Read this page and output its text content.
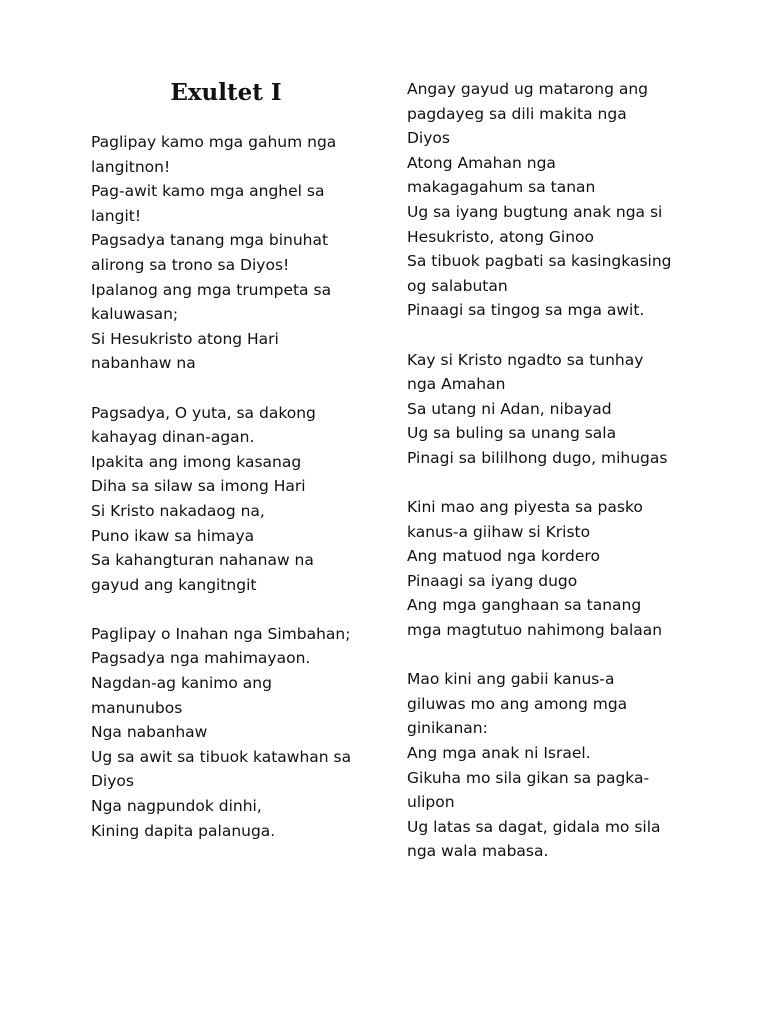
Exultet I
Paglipay kamo mga gahum nga
langitnon!
Pag-awit kamo mga anghel sa
langit!
Pagsadya tanang mga binuhat
alirong sa trono sa Diyos!
Ipalanog ang mga trumpeta sa
kaluwasan;
Si Hesukristo atong Hari
nabanhaw na
Pagsadya, O yuta, sa dakong
kahayag dinan-agan.
Ipakita ang imong kasanag
Diha sa silaw sa imong Hari
Si Kristo nakadaog na,
Puno ikaw sa himaya
Sa kahangturan nahanaw na
gayud ang kangitngit
Paglipay o Inahan nga Simbahan;
Pagsadya nga mahimayaon.
Nagdan-ag kanimo ang
manunubos
Nga nabanhaw
Ug sa awit sa tibuok katawhan sa
Diyos
Nga nagpundok dinhi,
Kining dapita palanuga.
Angay gayud ug matarong ang
pagdayeg sa dili makita nga
Diyos
Atong Amahan nga
makagagahum sa tanan
Ug sa iyang bugtung anak nga si
Hesukristo, atong Ginoo
Sa tibuok pagbati sa kasingkasing
og salabutan
Pinaagi sa tingog sa mga awit.
Kay si Kristo ngadto sa tunhay
nga Amahan
Sa utang ni Adan, nibayad
Ug sa buling sa unang sala
Pinagi sa bililhong dugo, mihugas
Kini mao ang piyesta sa pasko
kanus-a giihaw si Kristo
Ang matuod nga kordero
Pinaagi sa iyang dugo
Ang mga ganghaan sa tanang
mga magtutuo nahimong balaan
Mao kini ang gabii kanus-a
giluwas mo ang among mga
ginikanan:
Ang mga anak ni Israel.
Gikuha mo sila gikan sa pagka-
ulipon
Ug latas sa dagat, gidala mo sila
nga wala mabasa.
